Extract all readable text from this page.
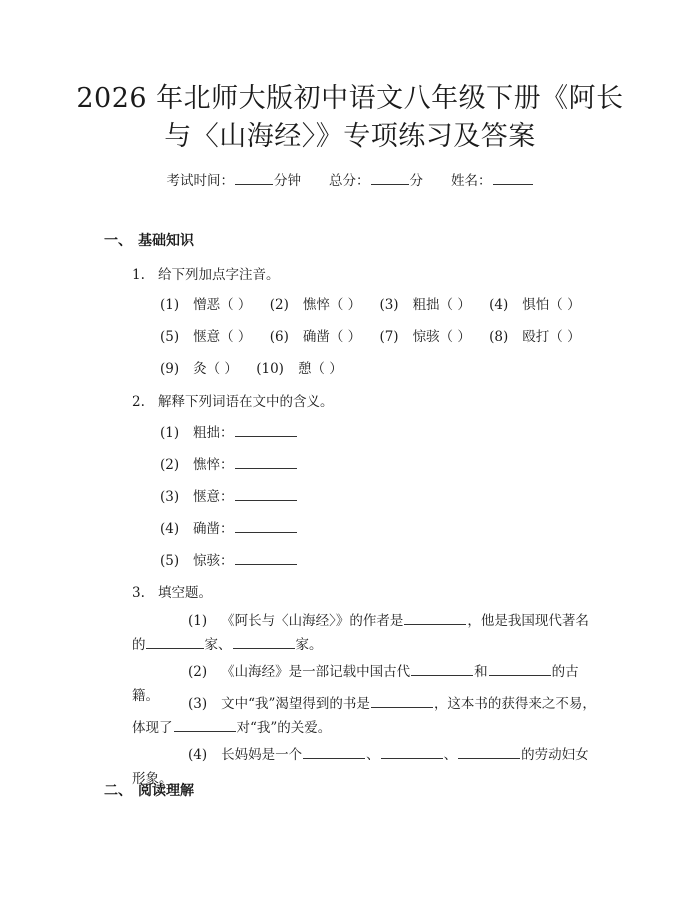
2026 年北师大版初中语文八年级下册《阿长
与〈山海经〉》专项练习及答案
考试时间：	分钟 总分：	分 姓名：
一、 基础知识
1. 给下列加点字注音。
(1) 憎恶（ ） (2) 憔悴（ ） (3) 粗拙（ ） (4) 惧怕（ ）
(5) 惬意（ ） (6) 确凿（ ） (7) 惊骇（ ） (8) 殴打（ ）
(9) 灸（ ） (10) 憩（ ）
2. 解释下列词语在文中的含义。
(1) 粗拙：
(2) 憔悴：
(3) 惬意：
(4) 确凿：
(5) 惊骇：
3. 填空题。
(1) 《阿长与〈山海经〉》的作者是	，他是我国现代著名的	家、	家。
(2) 《山海经》是一部记载中国古代	和	的古籍。	(3) 文中“我”渴望得到的书是	，这本书的获得来之不易，体现了	对“我”的关爱。
(4) 长妈妈是一个	、	、	的劳动妇女形象。
二、 阅读理解
